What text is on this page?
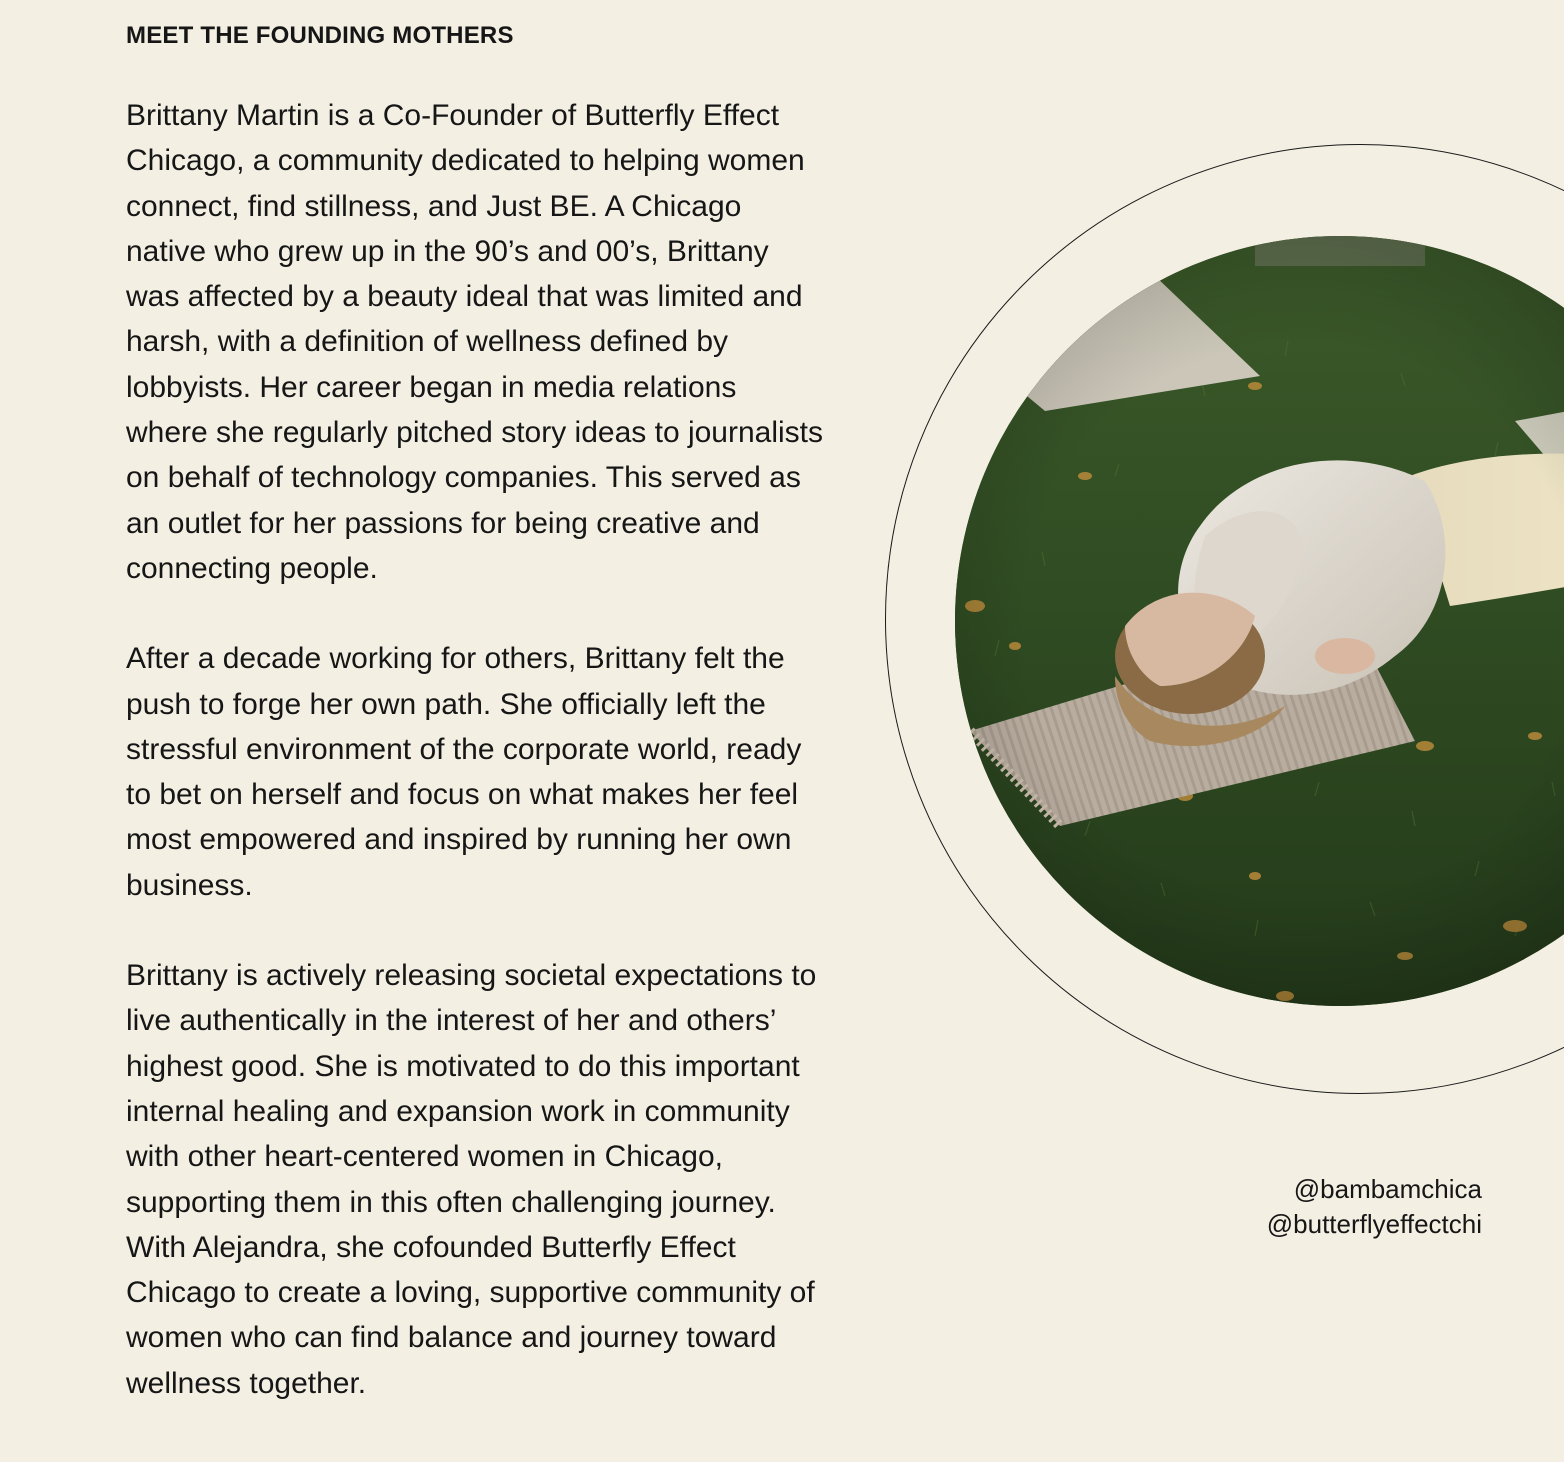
MEET THE FOUNDING MOTHERS

Brittany Martin is a Co-Founder of Butterfly Effect Chicago, a community dedicated to helping women connect, find stillness, and Just BE. A Chicago native who grew up in the 90’s and 00’s, Brittany was affected by a beauty ideal that was limited and harsh, with a definition of wellness defined by lobbyists. Her career began in media relations where she regularly pitched story ideas to journalists on behalf of technology companies. This served as an outlet for her passions for being creative and connecting people.

After a decade working for others, Brittany felt the push to forge her own path. She officially left the stressful environment of the corporate world, ready to bet on herself and focus on what makes her feel most empowered and inspired by running her own business.

Brittany is actively releasing societal expectations to live authentically in the interest of her and others’ highest good. She is motivated to do this important internal healing and expansion work in community with other heart-centered women in Chicago, supporting them in this often challenging journey. With Alejandra, she cofounded Butterfly Effect Chicago to create a loving, supportive community of women who can find balance and journey toward wellness together.

@bambamchica
@butterflyeffectchi
